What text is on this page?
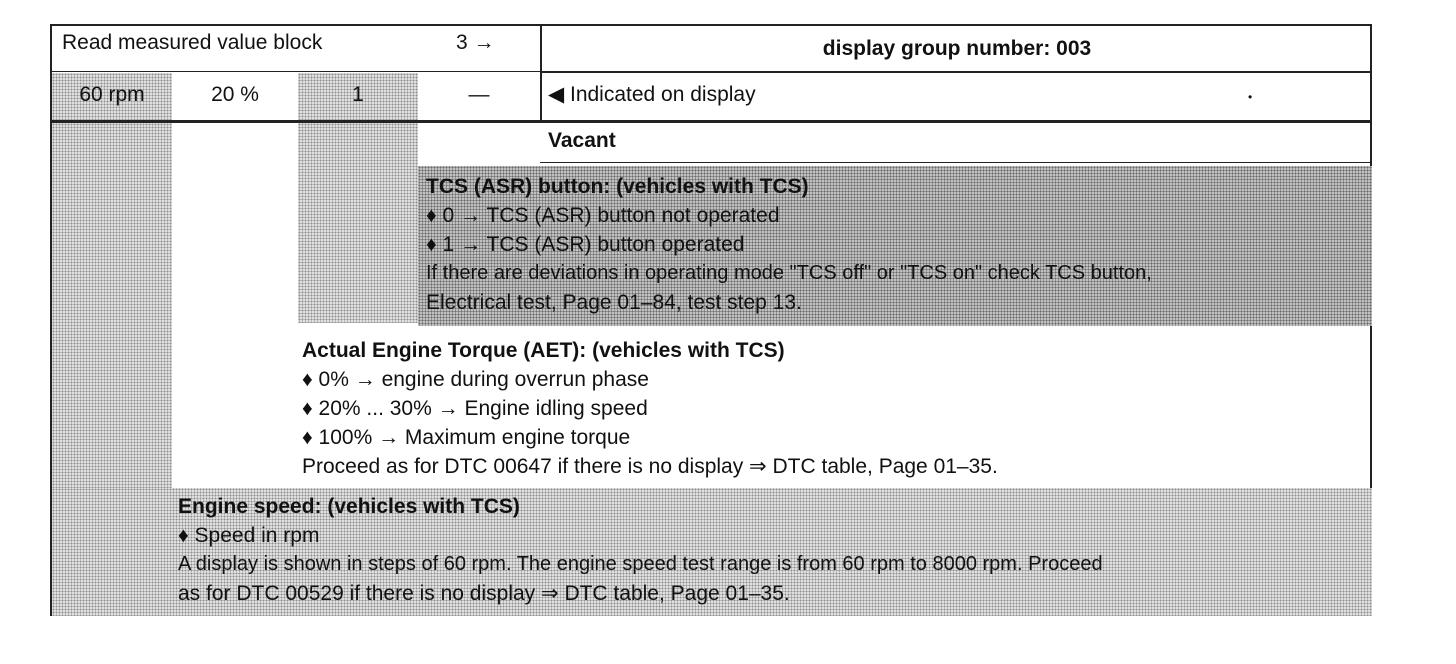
Read measured value block	3 →	display group number: 003
60 rpm	20 %	1	—	◀ Indicated on display	•
Vacant
TCS (ASR) button: (vehicles with TCS)
♦ 0 → TCS (ASR) button not operated
♦ 1 → TCS (ASR) button operated
If there are deviations in operating mode "TCS off" or "TCS on" check TCS button,
Electrical test, Page 01–84, test step 13.
Actual Engine Torque (AET): (vehicles with TCS)
♦ 0% → engine during overrun phase
♦ 20% ... 30% → Engine idling speed
♦ 100% → Maximum engine torque
Proceed as for DTC 00647 if there is no display ⇒ DTC table, Page 01–35.
Engine speed: (vehicles with TCS)
♦ Speed in rpm
A display is shown in steps of 60 rpm. The engine speed test range is from 60 rpm to 8000 rpm. Proceed
as for DTC 00529 if there is no display ⇒ DTC table, Page 01–35.
